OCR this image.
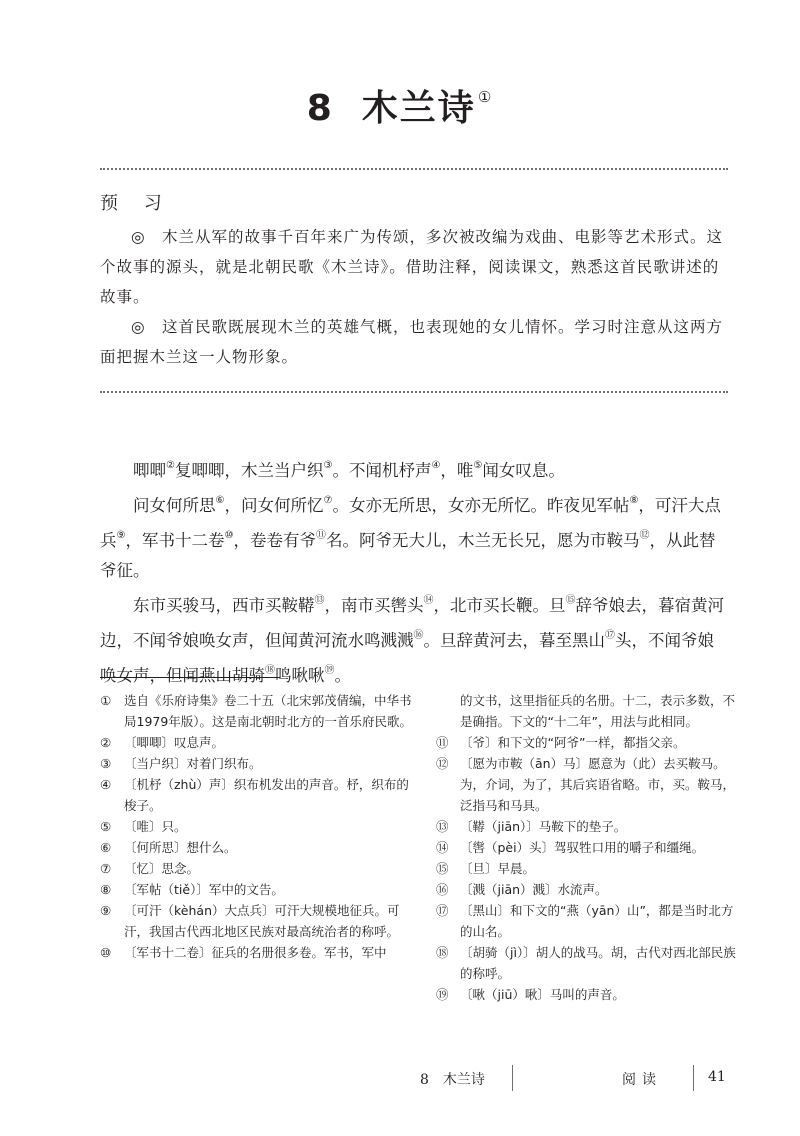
8 木兰诗 ①
预 习

◎　木兰从军的故事千百年来广为传颂，多次被改编为戏曲、电影等艺术形式。这个故事的源头，就是北朝民歌《木兰诗》。借助注释，阅读课文，熟悉这首民歌讲述的故事。

◎　这首民歌既展现木兰的英雄气概，也表现她的女儿情怀。学习时注意从这两方面把握木兰这一人物形象。

唧唧②复唧唧，木兰当户织③。不闻机杼声④，唯⑤闻女叹息。

问女何所思⑥，问女何所忆⑦。女亦无所思，女亦无所忆。昨夜见军帖⑧，可汗大点兵⑨，军书十二卷⑩，卷卷有爷⑪名。阿爷无大儿，木兰无长兄，愿为市鞍马⑫，从此替爷征。

东市买骏马，西市买鞍鞯⑬，南市买辔头⑭，北市买长鞭。旦⑮辞爷娘去，暮宿黄河边，不闻爷娘唤女声，但闻黄河流水鸣溅溅⑯。旦辞黄河去，暮至黑山⑰头，不闻爷娘唤女声，但闻燕山胡骑⑱鸣啾啾⑲。

① 选自《乐府诗集》卷二十五（北宋郭茂倩编，中华书局1979年版）。这是南北朝时北方的一首乐府民歌。

② 〔唧唧〕叹息声。

③ 〔当户织〕对着门织布。

④ 〔机杼（zhù）声〕织布机发出的声音。杼，织布的梭子。

⑤ 〔唯〕只。

⑥ 〔何所思〕想什么。

⑦ 〔忆〕思念。

⑧ 〔军帖（tiě）〕军中的文告。

⑨ 〔可汗（kèhán）大点兵〕可汗大规模地征兵。可汗，我国古代西北地区民族对最高统治者的称呼。

⑩ 〔军书十二卷〕征兵的名册很多卷。军书，军中

的文书，这里指征兵的名册。十二，表示多数，不是确指。下文的“十二年”，用法与此相同。

⑪ 〔爷〕和下文的“阿爷”一样，都指父亲。

⑫ 〔愿为市鞍（ān）马〕愿意为（此）去买鞍马。为，介词，为了，其后宾语省略。市，买。鞍马，泛指马和马具。

⑬ 〔鞯（jiān）〕马鞍下的垫子。

⑭ 〔辔（pèi）头〕驾驭牲口用的嚼子和缰绳。

⑮ 〔旦〕早晨。

⑯ 〔溅（jiān）溅〕水流声。

⑰ 〔黑山〕和下文的“燕（yān）山”，都是当时北方的山名。

⑱ 〔胡骑（jì）〕胡人的战马。胡，古代对西北部民族的称呼。

⑲ 〔啾（jiū）啾〕马叫的声音。

8　木兰诗	阅读	41
